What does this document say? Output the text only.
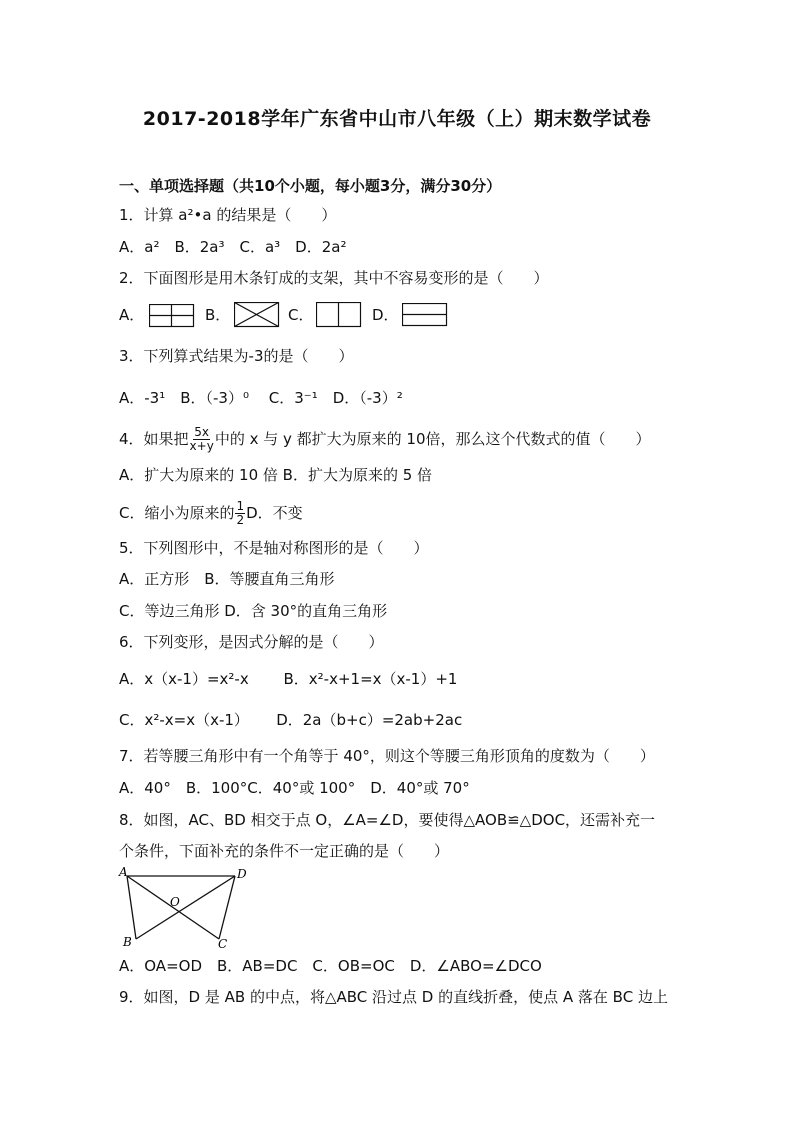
2017-2018学年广东省中山市八年级（上）期末数学试卷
一、单项选择题（共10个小题，每小题3分，满分30分）
1．计算 a²•a 的结果是（　　）
A．a²　B．2a³　C．a³　D．2a²
2．下面图形是用木条钉成的支架，其中不容易变形的是（　　）
A．	B．	C．	D．
3．下列算式结果为-3的是（　　）
A．-3¹　B．（-3）⁰　 C．3⁻¹　D．（-3）²
4．如果把 $\frac{5x}{x+y}$ 中的 x 与 y 都扩大为原来的 10倍，那么这个代数式的值（　　）
A．扩大为原来的 10 倍 B．扩大为原来的 5 倍
C．缩小为原来的 $\frac{1}{2}$ D．不变
5．下列图形中，不是轴对称图形的是（　　）
A．正方形　B．等腰直角三角形
C．等边三角形 D．含 30°的直角三角形
6．下列变形，是因式分解的是（　　）
A．x（x-1）=x²-x　　 B．x²-x+1=x（x-1）+1
C．x²-x=x（x-1）　　 D．2a（b+c）=2ab+2ac
7．若等腰三角形中有一个角等于 40°，则这个等腰三角形顶角的度数为（　　）
A．40°　B．100°C．40°或 100°　D．40°或 70°
8．如图，AC、BD 相交于点 O，∠A=∠D，要使得△AOB≌△DOC，还需补充一
个条件，下面补充的条件不一定正确的是（　　）
A	D
O
B	C
A．OA=OD　B．AB=DC　C．OB=OC　D．∠ABO=∠DCO
9．如图，D 是 AB 的中点，将△ABC 沿过点 D 的直线折叠，使点 A 落在 BC 边上
